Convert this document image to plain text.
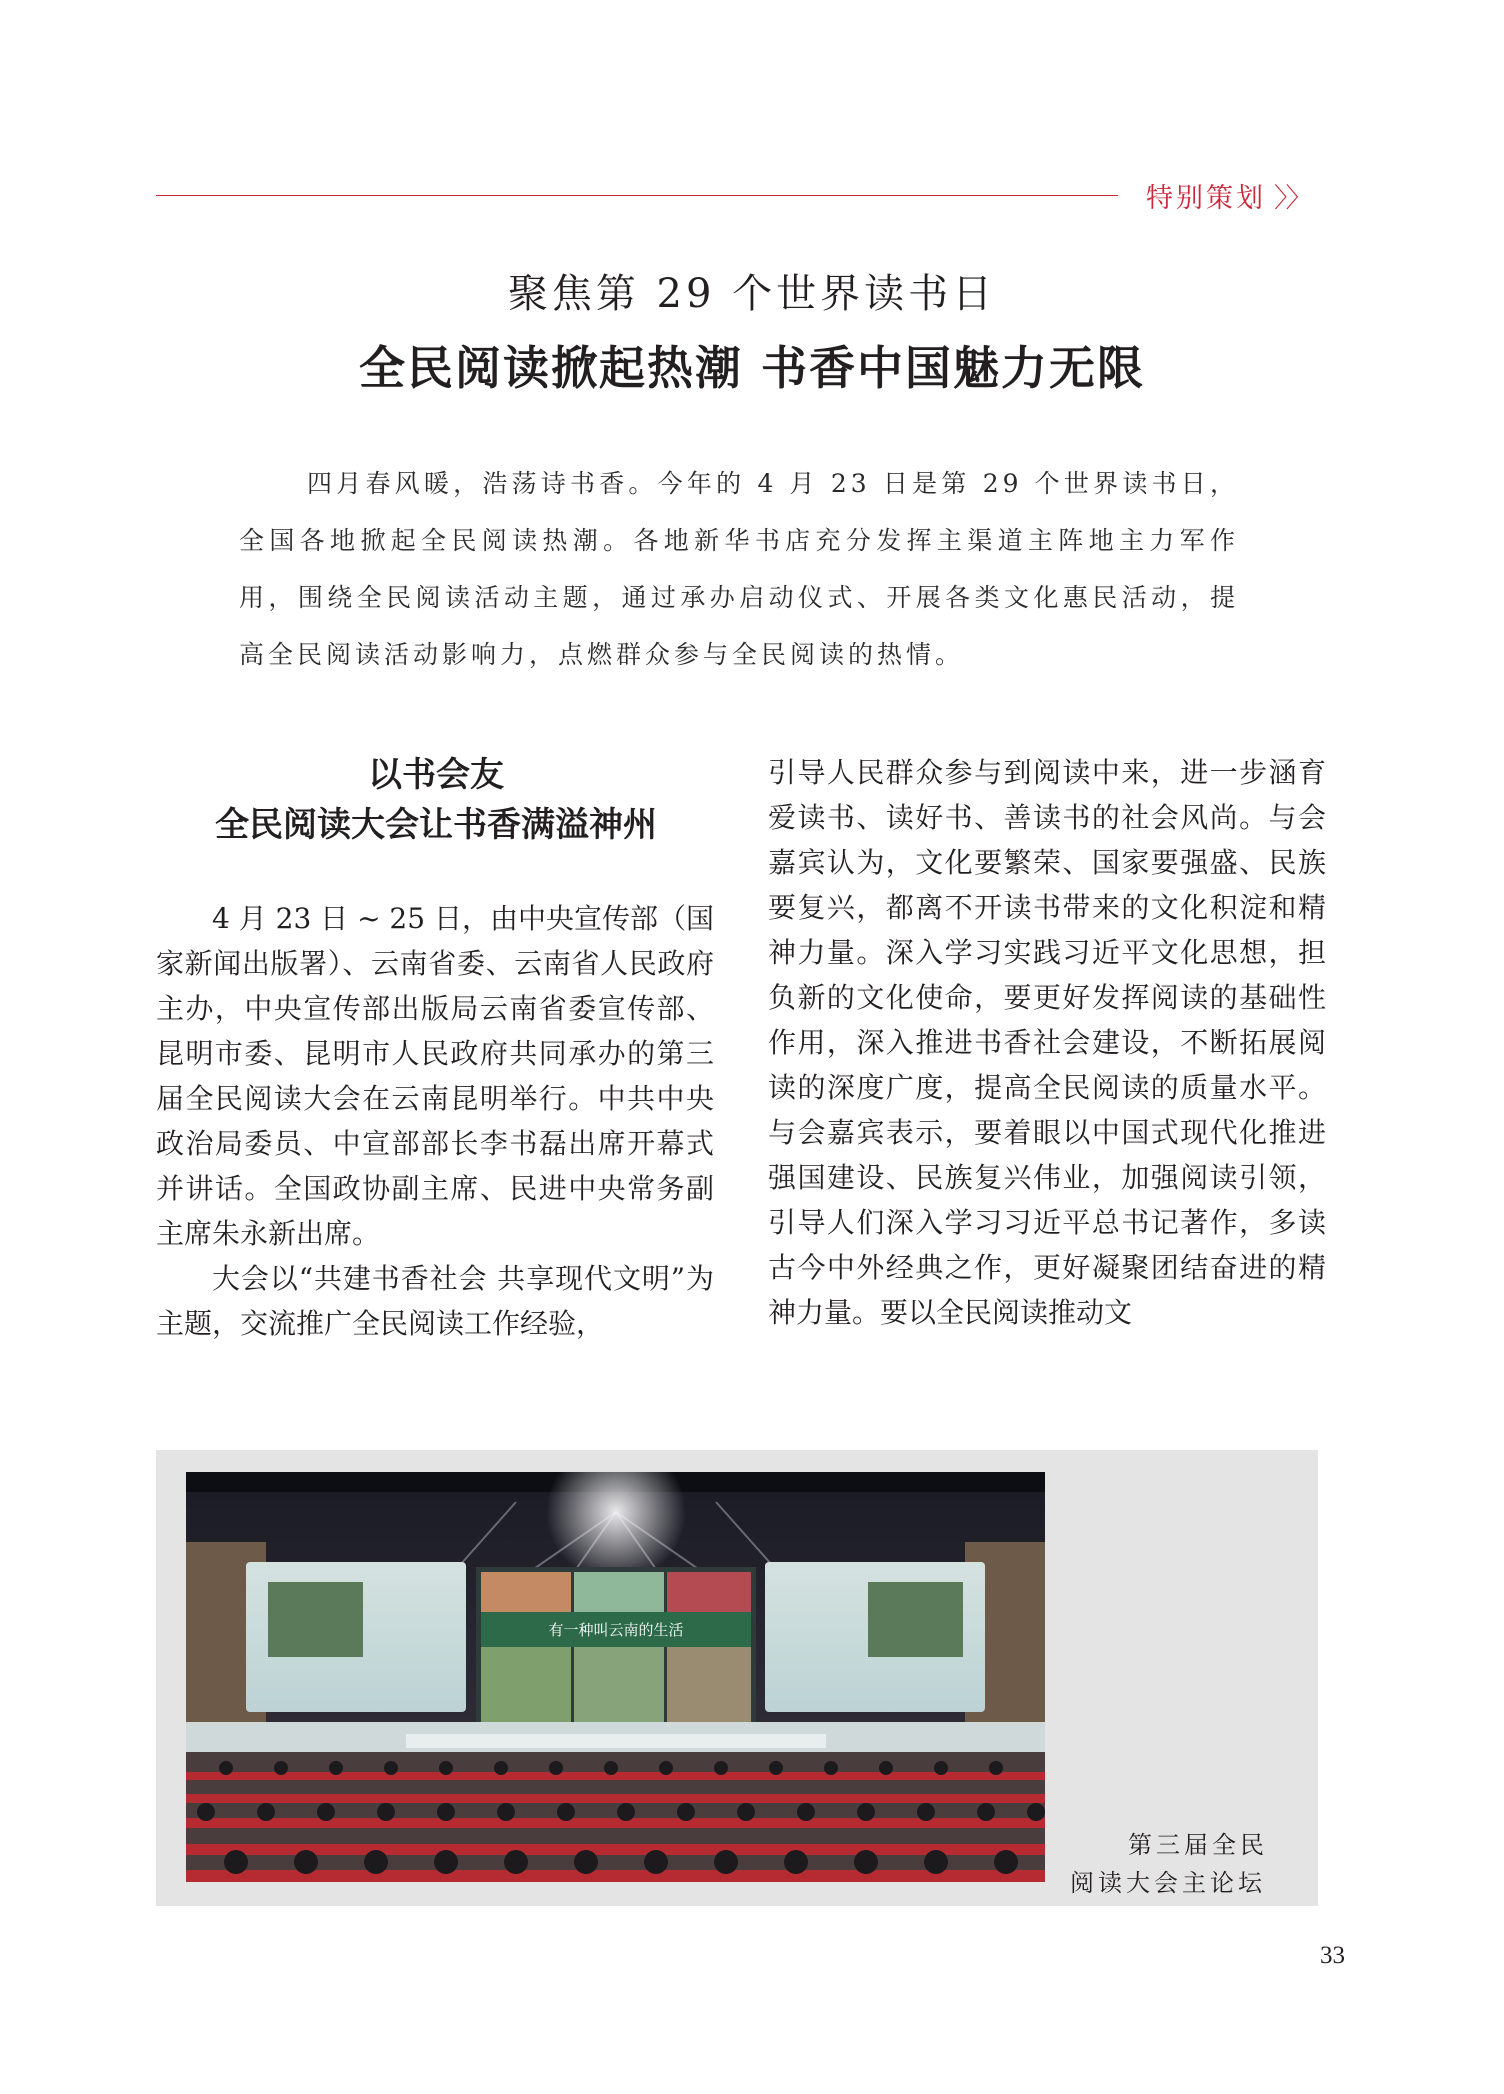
特别策划 〉〉
聚焦第 29 个世界读书日
全民阅读掀起热潮 书香中国魅力无限

四月春风暖，浩荡诗书香。今年的 4 月 23 日是第 29 个世界读书日，全国各地掀起全民阅读热潮。各地新华书店充分发挥主渠道主阵地主力军作用，围绕全民阅读活动主题，通过承办启动仪式、开展各类文化惠民活动，提高全民阅读活动影响力，点燃群众参与全民阅读的热情。

以书会友
全民阅读大会让书香满溢神州

4 月 23 日 ~ 25 日，由中央宣传部（国家新闻出版署）、云南省委、云南省人民政府主办，中央宣传部出版局云南省委宣传部、昆明市委、昆明市人民政府共同承办的第三届全民阅读大会在云南昆明举行。中共中央政治局委员、中宣部部长李书磊出席开幕式并讲话。全国政协副主席、民进中央常务副主席朱永新出席。

大会以“共建书香社会 共享现代文明”为主题，交流推广全民阅读工作经验，

引导人民群众参与到阅读中来，进一步涵育爱读书、读好书、善读书的社会风尚。与会嘉宾认为，文化要繁荣、国家要强盛、民族要复兴，都离不开读书带来的文化积淀和精神力量。深入学习实践习近平文化思想，担负新的文化使命，要更好发挥阅读的基础性作用，深入推进书香社会建设，不断拓展阅读的深度广度，提高全民阅读的质量水平。与会嘉宾表示，要着眼以中国式现代化推进强国建设、民族复兴伟业，加强阅读引领，引导人们深入学习习近平总书记著作，多读古今中外经典之作，更好凝聚团结奋进的精神力量。要以全民阅读推动文

有一种叫云南的生活
第三届全民
阅读大会主论坛
33
